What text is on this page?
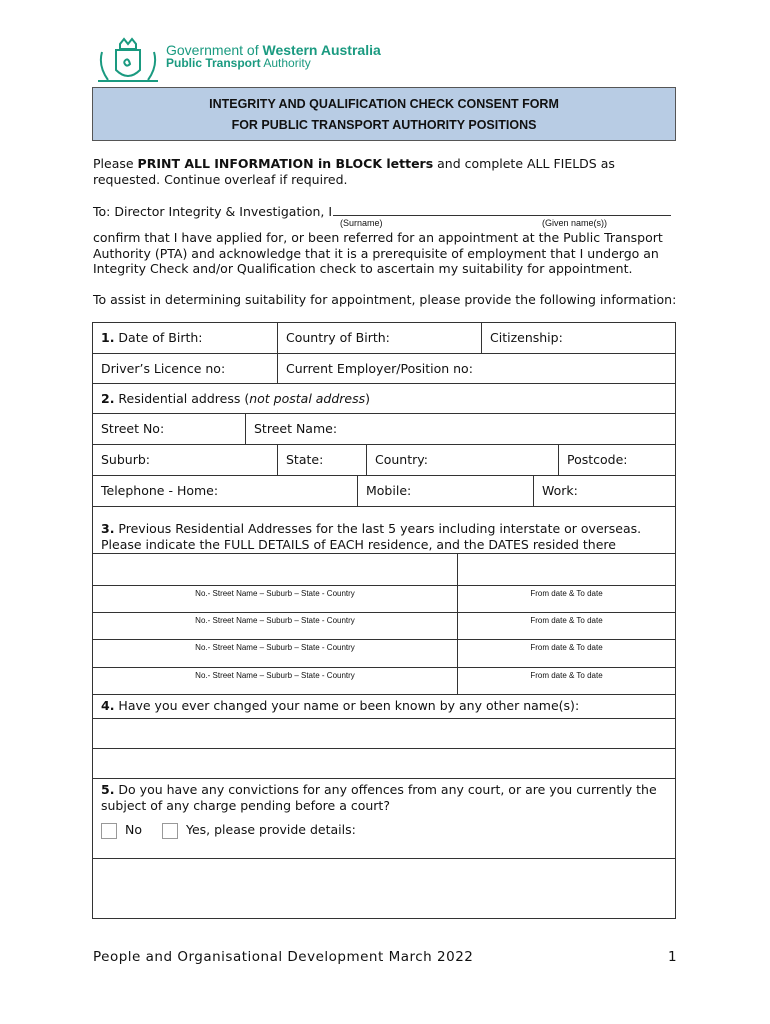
Government of Western Australia
Public Transport Authority
INTEGRITY AND QUALIFICATION CHECK CONSENT FORM
FOR PUBLIC TRANSPORT AUTHORITY POSITIONS
Please PRINT ALL INFORMATION in BLOCK letters and complete ALL FIELDS as requested. Continue overleaf if required.
To: Director Integrity & Investigation, I
(Surname)	(Given name(s))
confirm that I have applied for, or been referred for an appointment at the Public Transport Authority (PTA) and acknowledge that it is a prerequisite of employment that I undergo an Integrity Check and/or Qualification check to ascertain my suitability for appointment.
To assist in determining suitability for appointment, please provide the following information:
1. Date of Birth:	Country of Birth:	Citizenship:
Driver’s Licence no:	Current Employer/Position no:
2. Residential address (not postal address)
Street No:	Street Name:
Suburb:	State:	Country:	Postcode:
Telephone - Home:	Mobile:	Work:
3. Previous Residential Addresses for the last 5 years including interstate or overseas. Please indicate the FULL DETAILS of EACH residence, and the DATES resided there
No.- Street Name – Suburb – State - Country	From date & To date
No.- Street Name – Suburb – State - Country	From date & To date
No.- Street Name – Suburb – State - Country	From date & To date
No.- Street Name – Suburb – State - Country	From date & To date
4. Have you ever changed your name or been known by any other name(s):
5. Do you have any convictions for any offences from any court, or are you currently the subject of any charge pending before a court?
No	Yes, please provide details:
People and Organisational Development March 2022	1
